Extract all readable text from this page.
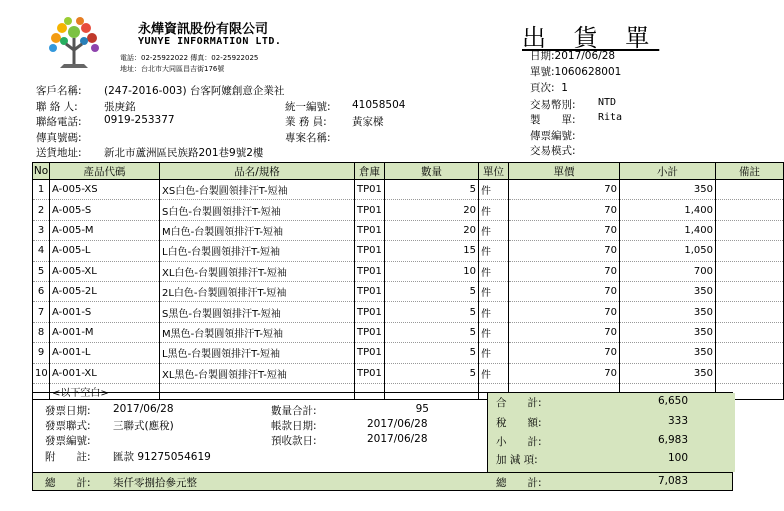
永燁資訊股份有限公司
YUNYE INFORMATION LTD.
電話：02-25922022 傳真：02-25922025
地址：台北市大同區昌吉街176號
出 貨 單
日期:2017/06/28
單號:1060628001
頁次: 1
交易幣別: NTD
製　　單: Rita
傳票編號:
交易模式:
客戶名稱: (247-2016-003) 台客阿嬤創意企業社
聯 絡 人:	張庚銘	統一編號: 41058504
聯絡電話: 0919-253377	業 務 員: 黃家樑
傳真號碼:	專案名稱:
送貨地址: 新北市蘆洲區民族路201巷9號2樓
No	產品代碼	品名/規格	倉庫	數量	單位	單價	小計	備註
1	A-005-XS	XS白色-台製圓領排汗T-短袖	TP01	5	件	70	350	
2	A-005-S	S白色-台製圓領排汗T-短袖	TP01	20	件	70	1,400	
3	A-005-M	M白色-台製圓領排汗T-短袖	TP01	20	件	70	1,400	
4	A-005-L	L白色-台製圓領排汗T-短袖	TP01	15	件	70	1,050	
5	A-005-XL	XL白色-台製圓領排汗T-短袖	TP01	10	件	70	700	
6	A-005-2L	2L白色-台製圓領排汗T-短袖	TP01	5	件	70	350	
7	A-001-S	S黑色-台製圓領排汗T-短袖	TP01	5	件	70	350	
8	A-001-M	M黑色-台製圓領排汗T-短袖	TP01	5	件	70	350	
9	A-001-L	L黑色-台製圓領排汗T-短袖	TP01	5	件	70	350	
10	A-001-XL	XL黑色-台製圓領排汗T-短袖	TP01	5	件	70	350	
	<以下空白>							
發票日期: 2017/06/28
發票聯式: 三聯式(應稅)
發票編號:
附　　註: 匯款 91275054619
數量合計:	95
帳款日期:	2017/06/28
預收款日:	2017/06/28
合　　計:	6,650
稅　　額:	333
小　　計:	6,983
加 減 項:	100
總　　計: 柒仟零捌拾參元整	總　　計:	7,083
